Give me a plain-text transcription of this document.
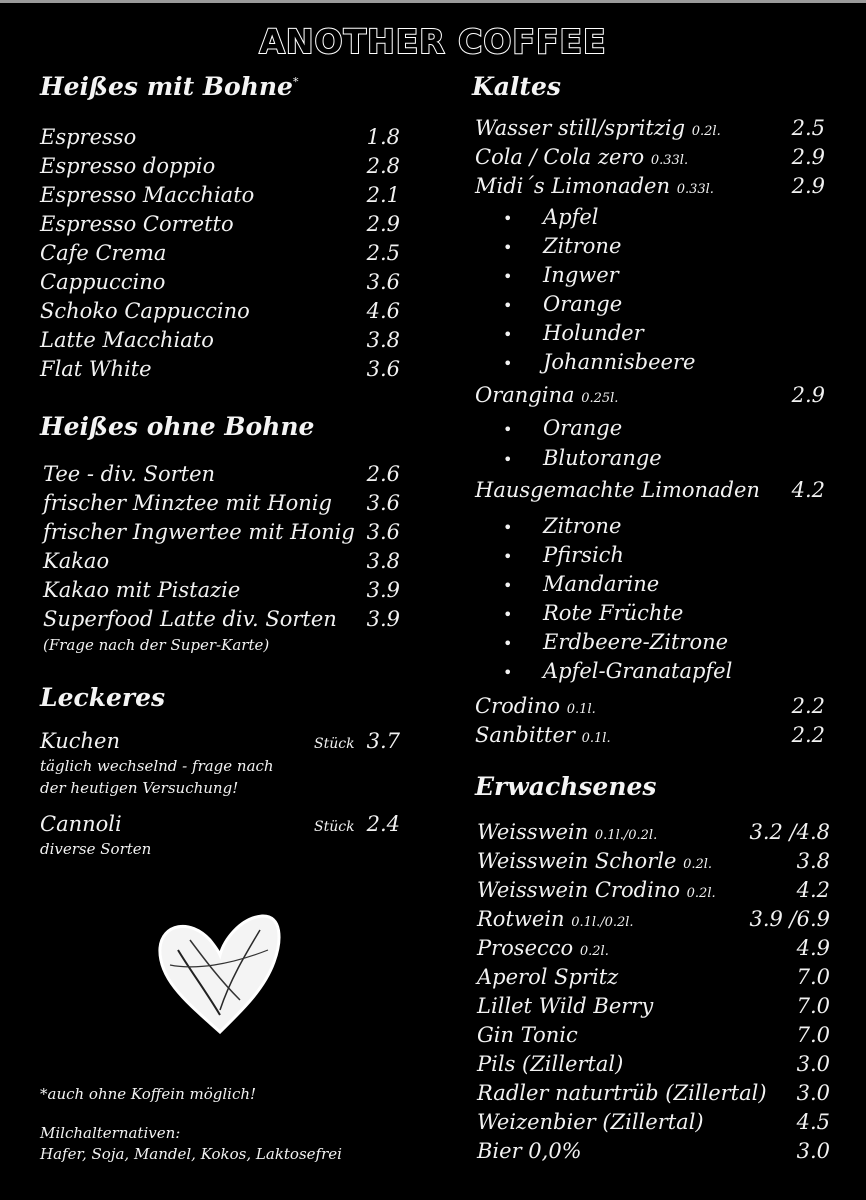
ANOTHER COFFEE
Heißes mit Bohne*
Espresso	1.8
Espresso doppio	2.8
Espresso Macchiato	2.1
Espresso Corretto	2.9
Cafe Crema	2.5
Cappuccino	3.6
Schoko Cappuccino	4.6
Latte Macchiato	3.8
Flat White	3.6
Heißes ohne Bohne
Tee - div. Sorten	2.6
frischer Minztee mit Honig	3.6
frischer Ingwertee mit Honig 3.6
Kakao	3.8
Kakao mit Pistazie	3.9
Superfood Latte div. Sorten	3.9
(Frage nach der Super-Karte)
Leckeres
Kuchen	Stück 3.7
täglich wechselnd - frage nach
der heutigen Versuchung!
Cannoli	Stück 2.4
diverse Sorten
*auch ohne Koffein möglich!
Milchalternativen:
Hafer, Soja, Mandel, Kokos, Laktosefrei
Kaltes
Wasser still/spritzig 0.2l.	2.5
Cola / Cola zero 0.33l.	2.9
Midi´s Limonaden 0.33l.	2.9
• Apfel
• Zitrone
• Ingwer
• Orange
• Holunder
• Johannisbeere
Orangina 0.25l.	2.9
• Orange
• Blutorange
Hausgemachte Limonaden	4.2
• Zitrone
• Pfirsich
• Mandarine
• Rote Früchte
• Erdbeere-Zitrone
• Apfel-Granatapfel
Crodino 0.1l.	2.2
Sanbitter 0.1l.	2.2
Erwachsenes
Weisswein 0.1l./0.2l.	3.2 /4.8
Weisswein Schorle 0.2l.	3.8
Weisswein Crodino 0.2l.	4.2
Rotwein 0.1l./0.2l.	3.9 /6.9
Prosecco 0.2l.	4.9
Aperol Spritz	7.0
Lillet Wild Berry	7.0
Gin Tonic	7.0
Pils (Zillertal)	3.0
Radler naturtrüb (Zillertal)	3.0
Weizenbier (Zillertal)	4.5
Bier 0,0%	3.0
